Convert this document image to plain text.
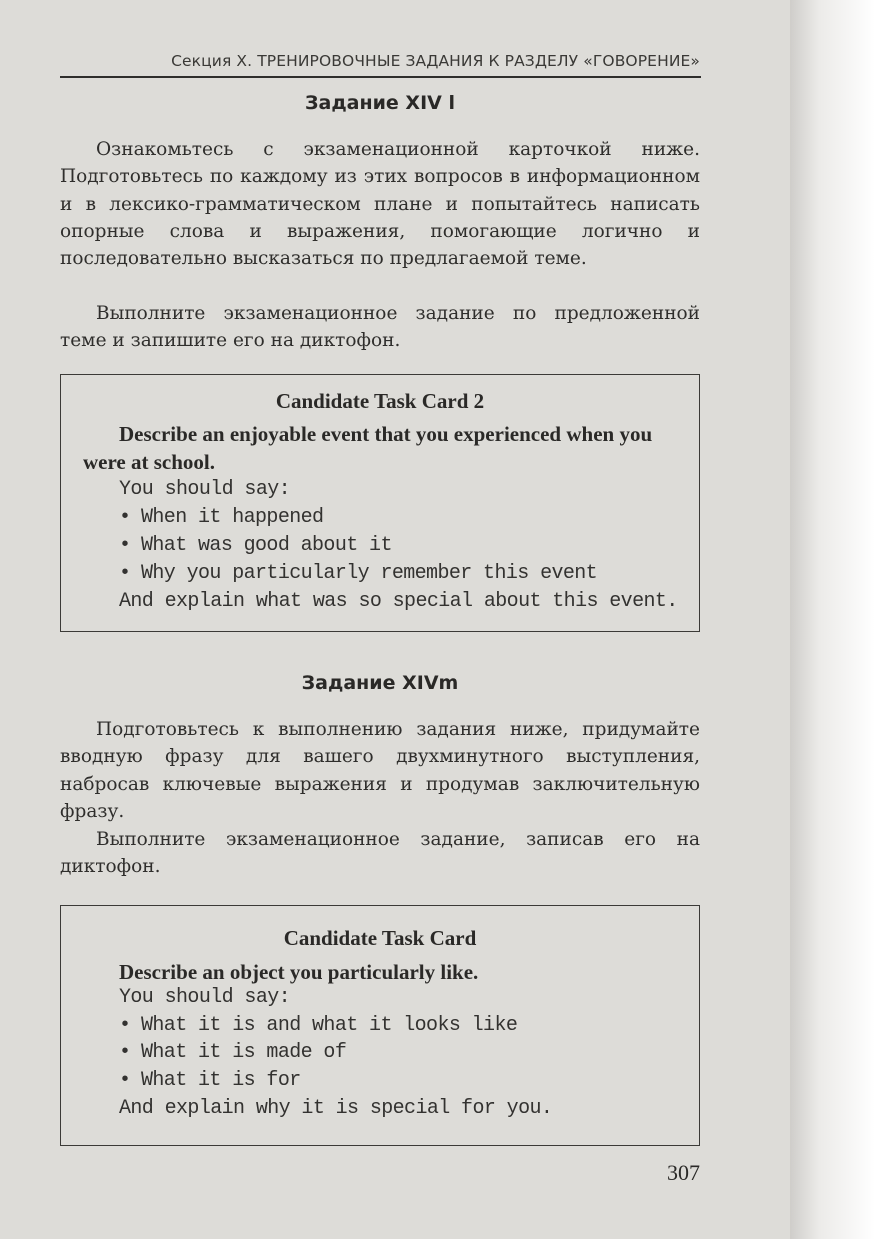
Секция X. ТРЕНИРОВОЧНЫЕ ЗАДАНИЯ К РАЗДЕЛУ «ГОВОРЕНИЕ»
Задание XIV l

Ознакомьтесь с экзаменационной карточкой ниже. Подготовьтесь по каждому из этих вопросов в информационном и в лексико-грамматическом плане и попытайтесь написать опорные слова и выражения, помогающие логично и последовательно высказаться по предлагаемой теме.

Выполните экзаменационное задание по предложенной теме и запишите его на диктофон.

Candidate Task Card 2

Describe an enjoyable event that you experienced when you were at school.

You should say:
• When it happened
• What was good about it
• Why you particularly remember this event
And explain what was so special about this event.
Задание XIVm

Подготовьтесь к выполнению задания ниже, придумайте вводную фразу для вашего двухминутного выступления, набросав ключевые выражения и продумав заключительную фразу.

Выполните экзаменационное задание, записав его на диктофон.

Candidate Task Card

Describe an object you particularly like.

You should say:
• What it is and what it looks like
• What it is made of
• What it is for
And explain why it is special for you.
307
